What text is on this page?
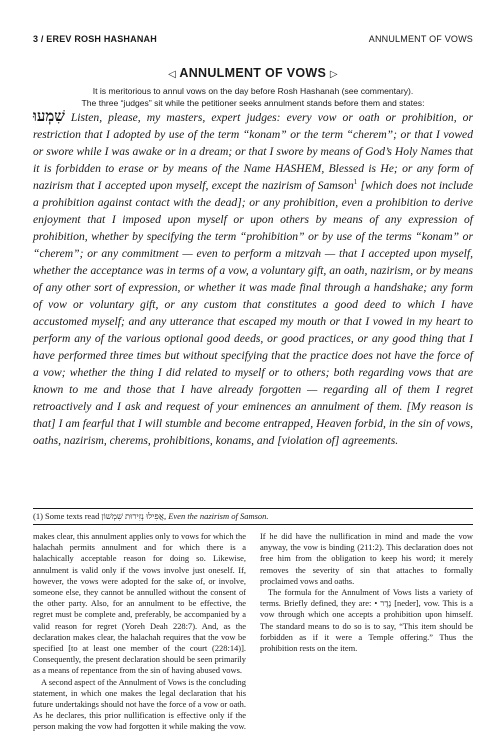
3 / EREV ROSH HASHANAH	ANNULMENT OF VOWS
◁ ANNULMENT OF VOWS ▷
It is meritorious to annul vows on the day before Rosh Hashanah (see commentary).
The three “judges” sit while the petitioner seeks annulment stands before them and states:
שִׁמְעוּ Listen, please, my masters, expert judges: every vow or oath or prohibition, or restriction that I adopted by use of the term “konam” or the term “cherem”; or that I vowed or swore while I was awake or in a dream; or that I swore by means of God’s Holy Names that it is forbidden to erase or by means of the Name HASHEM, Blessed is He; or any form of nazirism that I accepted upon myself, except the nazirism of Samson$^1$ [which does not include a prohibition against contact with the dead]; or any prohibition, even a prohibition to derive enjoyment that I imposed upon myself or upon others by means of any expression of prohibition, whether by specifying the term “prohibition” or by use of the terms “konam” or “cherem”; or any commitment — even to perform a mitzvah — that I accepted upon myself, whether the acceptance was in terms of a vow, a voluntary gift, an oath, nazirism, or by means of any other sort of expression, or whether it was made final through a handshake; any form of vow or voluntary gift, or any custom that constitutes a good deed to which I have accustomed myself; and any utterance that escaped my mouth or that I vowed in my heart to perform any of the various optional good deeds, or good practices, or any good thing that I have performed three times but without specifying that the practice does not have the force of a vow; whether the thing I did related to myself or to others; both regarding vows that are known to me and those that I have already forgotten — regarding all of them I regret retroactively and I ask and request of your eminences an annulment of them. [My reason is that] I am fearful that I will stumble and become entrapped, Heaven forbid, in the sin of vows, oaths, nazirism, cherems, prohibitions, konams, and [violation of] agreements.
(1) Some texts read אֲפִילוּ נְזִירוּת שִׁמְשׁוֹן, Even the nazirism of Samson.

makes clear, this annulment applies only to vows for which the halachah permits annulment and for which there is a halachically acceptable reason for doing so. Likewise, annulment is valid only if the vows involve just oneself. If, however, the vows were adopted for the sake of, or involve, someone else, they cannot be annulled without the consent of the other party. Also, for an annulment to be effective, the regret must be complete and, preferably, be accompanied by a valid reason for regret (Yoreh Deah 228:7). And, as the declaration makes clear, the halachah requires that the vow be specified [to at least one member of the court (228:14)]. Consequently, the present declaration should be seen primarily as a means of repentance from the sin of having abused vows.

A second aspect of the Annulment of Vows is the concluding statement, in which one makes the legal declaration that his future undertakings should not have the force of a vow or oath. As he declares, this prior nullification is effective only if the person making the vow had forgotten it while making the vow. If he did have the nullification in mind and made the vow anyway, the vow is binding (211:2). This declaration does not free him from the obligation to keep his word; it merely removes the severity of sin that attaches to formally proclaimed vows and oaths.

The formula for the Annulment of Vows lists a variety of terms. Briefly defined, they are: • נֶדֶר [neder], vow. This is a vow through which one accepts a prohibition upon himself. The standard means to do so is to say, “This item should be forbidden as if it were a Temple offering.” Thus the prohibition rests on the item.
